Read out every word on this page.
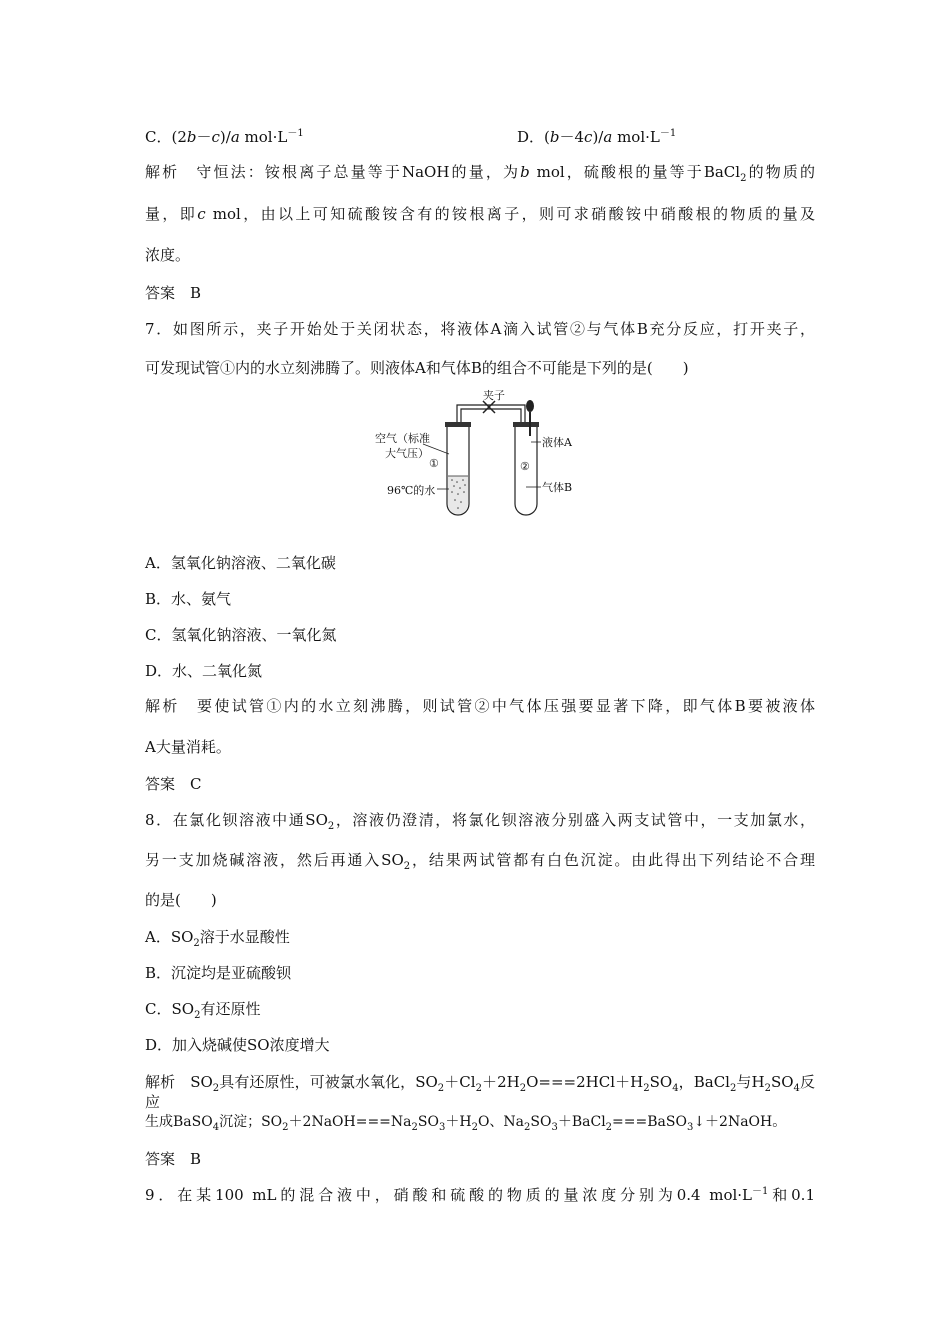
C．(2b－c)/a $mol\cdot L^{-1}$	D．(b－4c)/a $mol\cdot L^{-1}$
解析　守恒法：铵根离子总量等于NaOH的量，为b mol，硫酸根的量等于BaCl$_2$的物质的
量，即c mol，由以上可知硫酸铵含有的铵根离子，则可求硝酸铵中硝酸根的物质的量及
浓度。
答案　B
7．如图所示，夹子开始处于关闭状态，将液体A滴入试管②与气体B充分反应，打开夹子，
可发现试管①内的水立刻沸腾了。则液体A和气体B的组合不可能是下列的是(　　)
夹子
空气（标准
大气压）
①
96℃的水
液体A
②
气体B
A．氢氧化钠溶液、二氧化碳
B．水、氨气
C．氢氧化钠溶液、一氧化氮
D．水、二氧化氮
解析　要使试管①内的水立刻沸腾，则试管②中气体压强要显著下降，即气体B要被液体
A大量消耗。
答案　C
8．在氯化钡溶液中通$SO_2$，溶液仍澄清，将氯化钡溶液分别盛入两支试管中，一支加氯水，
另一支加烧碱溶液，然后再通入$SO_2$，结果两试管都有白色沉淀。由此得出下列结论不合理
的是(　　)
A．$SO_2$溶于水显酸性
B．沉淀均是亚硫酸钡
C．$SO_2$有还原性
D．加入烧碱使SO浓度增大
解析　$SO_2$具有还原性，可被氯水氧化，$SO_2+Cl_2+2H_2O===2HCl+H_2SO_4$，BaCl$_2$与$H_2SO_4$反应
生成BaSO$_4$沉淀；$SO_2+2NaOH===Na_2SO_3+H_2O$、$Na_2SO_3+BaCl_2===BaSO_3↓+2NaOH$。
答案　B
9．在某100 mL的混合液中，硝酸和硫酸的物质的量浓度分别为0.4 $mol\cdot L^{-1}$和0.1
